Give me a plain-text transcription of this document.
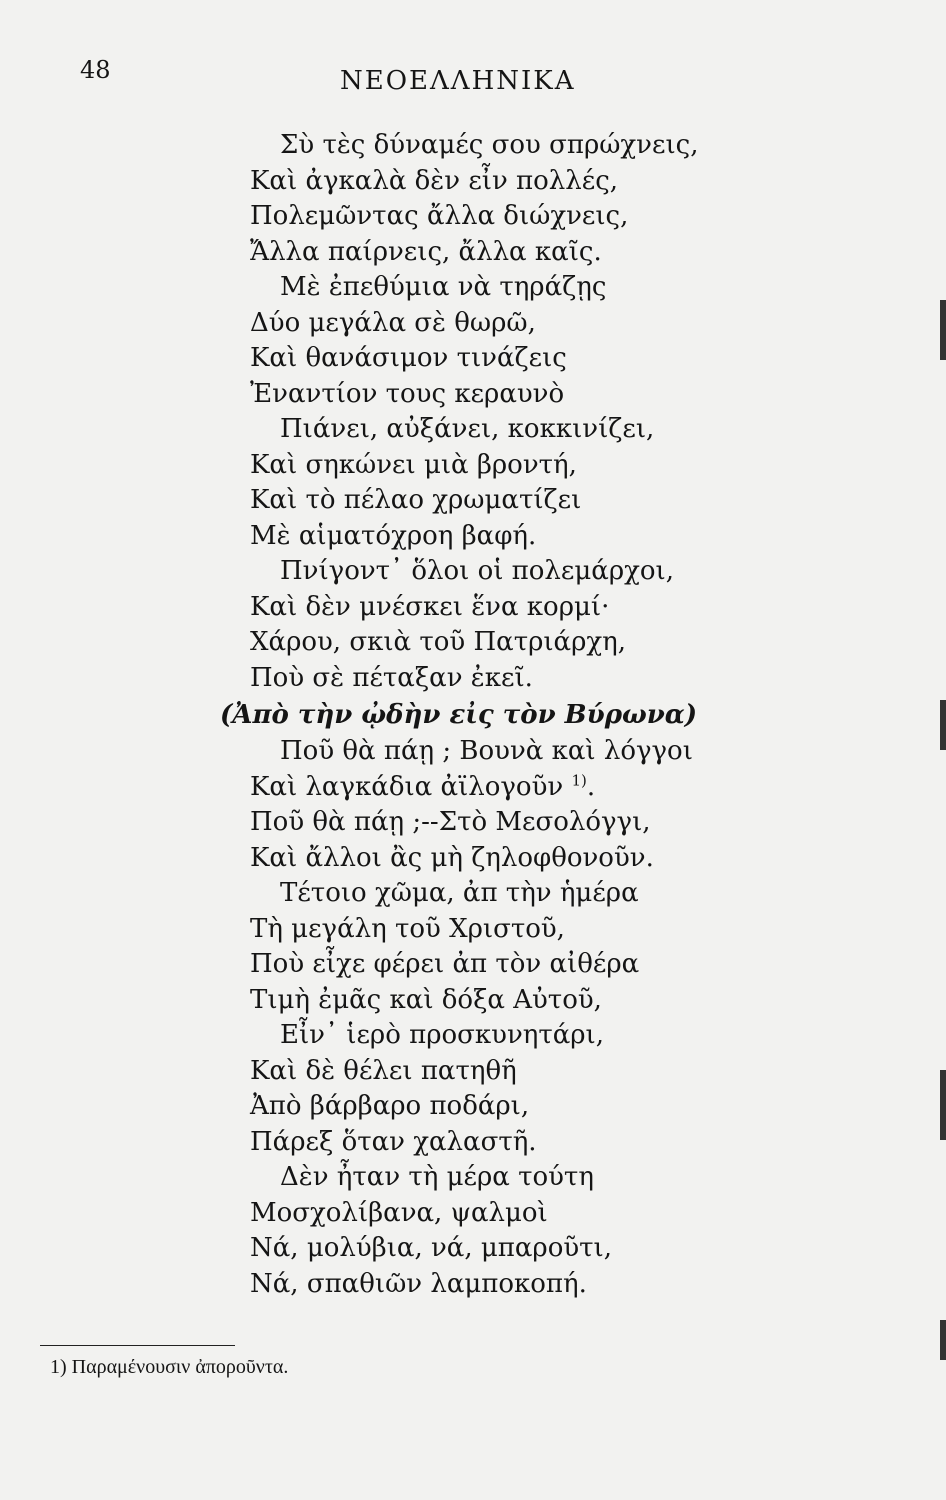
48	ΝΕΟΕΛΛΗΝΙΚΑ
Σὺ τὲς δύναμές σου σπρώχνεις,
Καὶ ἀγκαλὰ δὲν εἶν πολλές,
Πολεμῶντας ἄλλα διώχνεις,
Ἄλλα παίρνεις, ἄλλα καῖς.
Μὲ ἐπεθύμια νὰ τηράζῃς
Δύο μεγάλα σὲ θωρῶ,
Καὶ θανάσιμον τινάζεις
Ἐναντίον τους κεραυνὸ
Πιάνει, αὐξάνει, κοκκινίζει,
Καὶ σηκώνει μιὰ βροντή,
Καὶ τὸ πέλαο χρωματίζει
Μὲ αἱματόχροη βαφή.
Πνίγοντ᾽ ὅλοι οἱ πολεμάρχοι,
Καὶ δὲν μνέσκει ἕνα κορμί·
Χάρου, σκιὰ τοῦ Πατριάρχη,
Ποὺ σὲ πέταξαν ἐκεῖ.
(Ἀπὸ τὴν ᾠδὴν εἰς τὸν Βύρωνα)
Ποῦ θὰ πάῃ ; Βουνὰ καὶ λόγγοι
Καὶ λαγκάδια ἀϊλογοῦν $^{1)}$.
Ποῦ θὰ πάῃ ;--Στὸ Μεσολόγγι,
Καὶ ἄλλοι ἂς μὴ ζηλοφθονοῦν.
Τέτοιο χῶμα, ἀπ τὴν ἡμέρα
Τὴ μεγάλη τοῦ Χριστοῦ,
Ποὺ εἶχε φέρει ἀπ τὸν αἰθέρα
Τιμὴ ἐμᾶς καὶ δόξα Αὐτοῦ,
Εἶν᾽ ἱερὸ προσκυνητάρι,
Καὶ δὲ θέλει πατηθῆ
Ἀπὸ βάρβαρο ποδάρι,
Πάρεξ ὅταν χαλαστῆ.
Δὲν ἦταν τὴ μέρα τούτη
Μοσχολίβανα, ψαλμοὶ
Νά, μολύβια, νά, μπαροῦτι,
Νά, σπαθιῶν λαμποκοπή.
1) Παραμένουσιν ἀποροῦντα.
